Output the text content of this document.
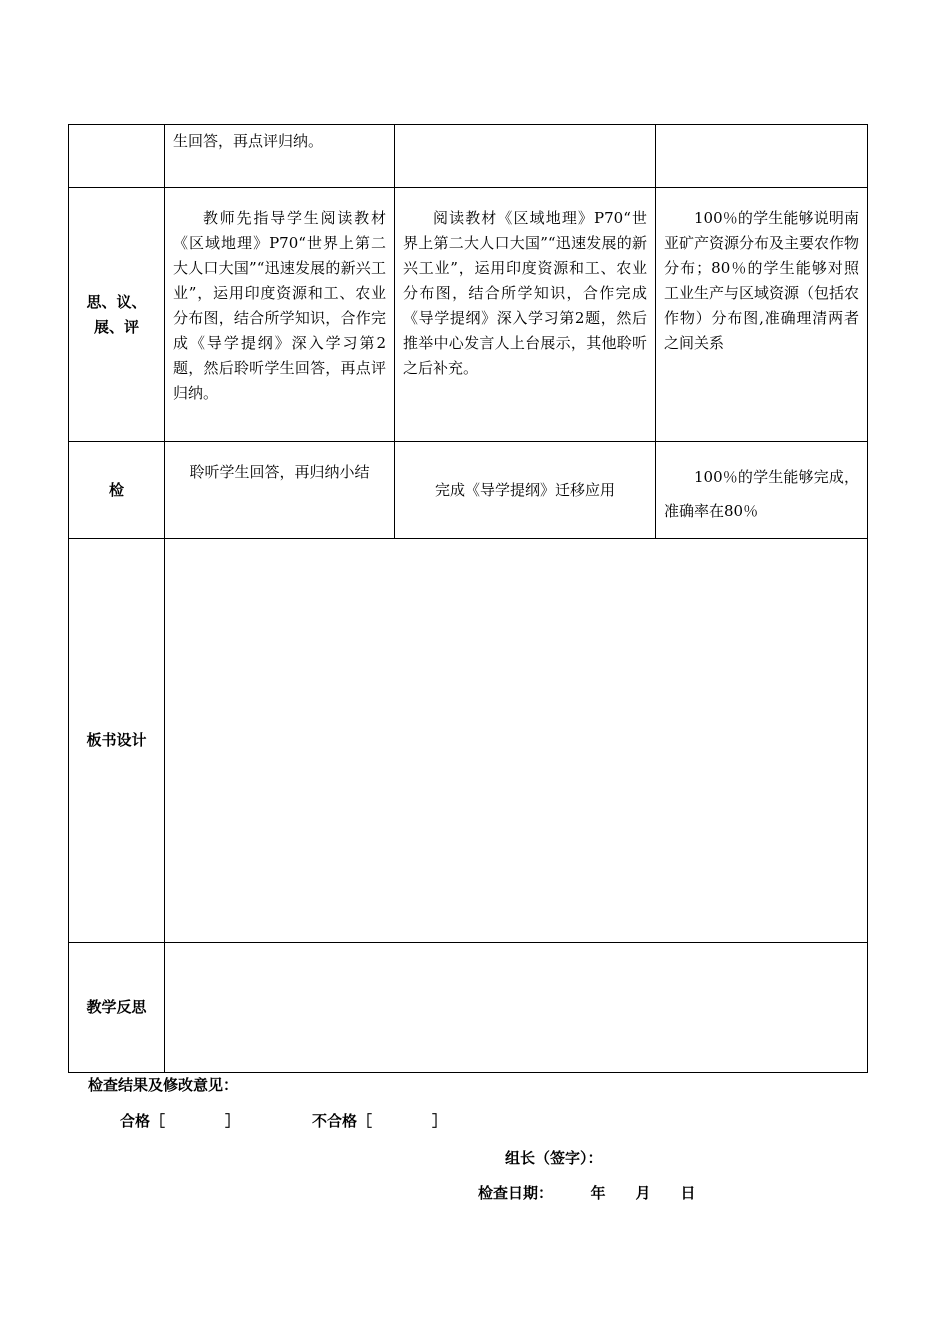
	生回答，再点评归纳。		

思、议、
展、评	教师先指导学生阅读教材《区域地理》P70“世界上第二大人口大国”“迅速发展的新兴工业”，运用印度资源和工、农业分布图，结合所学知识，合作完成《导学提纲》深入学习第2题，然后聆听学生回答，再点评归纳。	阅读教材《区域地理》P70“世界上第二大人口大国”“迅速发展的新兴工业”，运用印度资源和工、农业分布图，结合所学知识，合作完成《导学提纲》深入学习第2题，然后推举中心发言人上台展示，其他聆听之后补充。	100％的学生能够说明南亚矿产资源分布及主要农作物分布；80％的学生能够对照工业生产与区域资源（包括农作物）分布图,准确理清两者之间关系

检	聆听学生回答，再归纳小结	完成《导学提纲》迁移应用	100％的学生能够完成，准确率在80％

板书设计			
教学反思			
检查结果及修改意见：
合格［　　　　］	不合格［　　　　］
组长（签字）：
检查日期：　　　年　　月　　日
